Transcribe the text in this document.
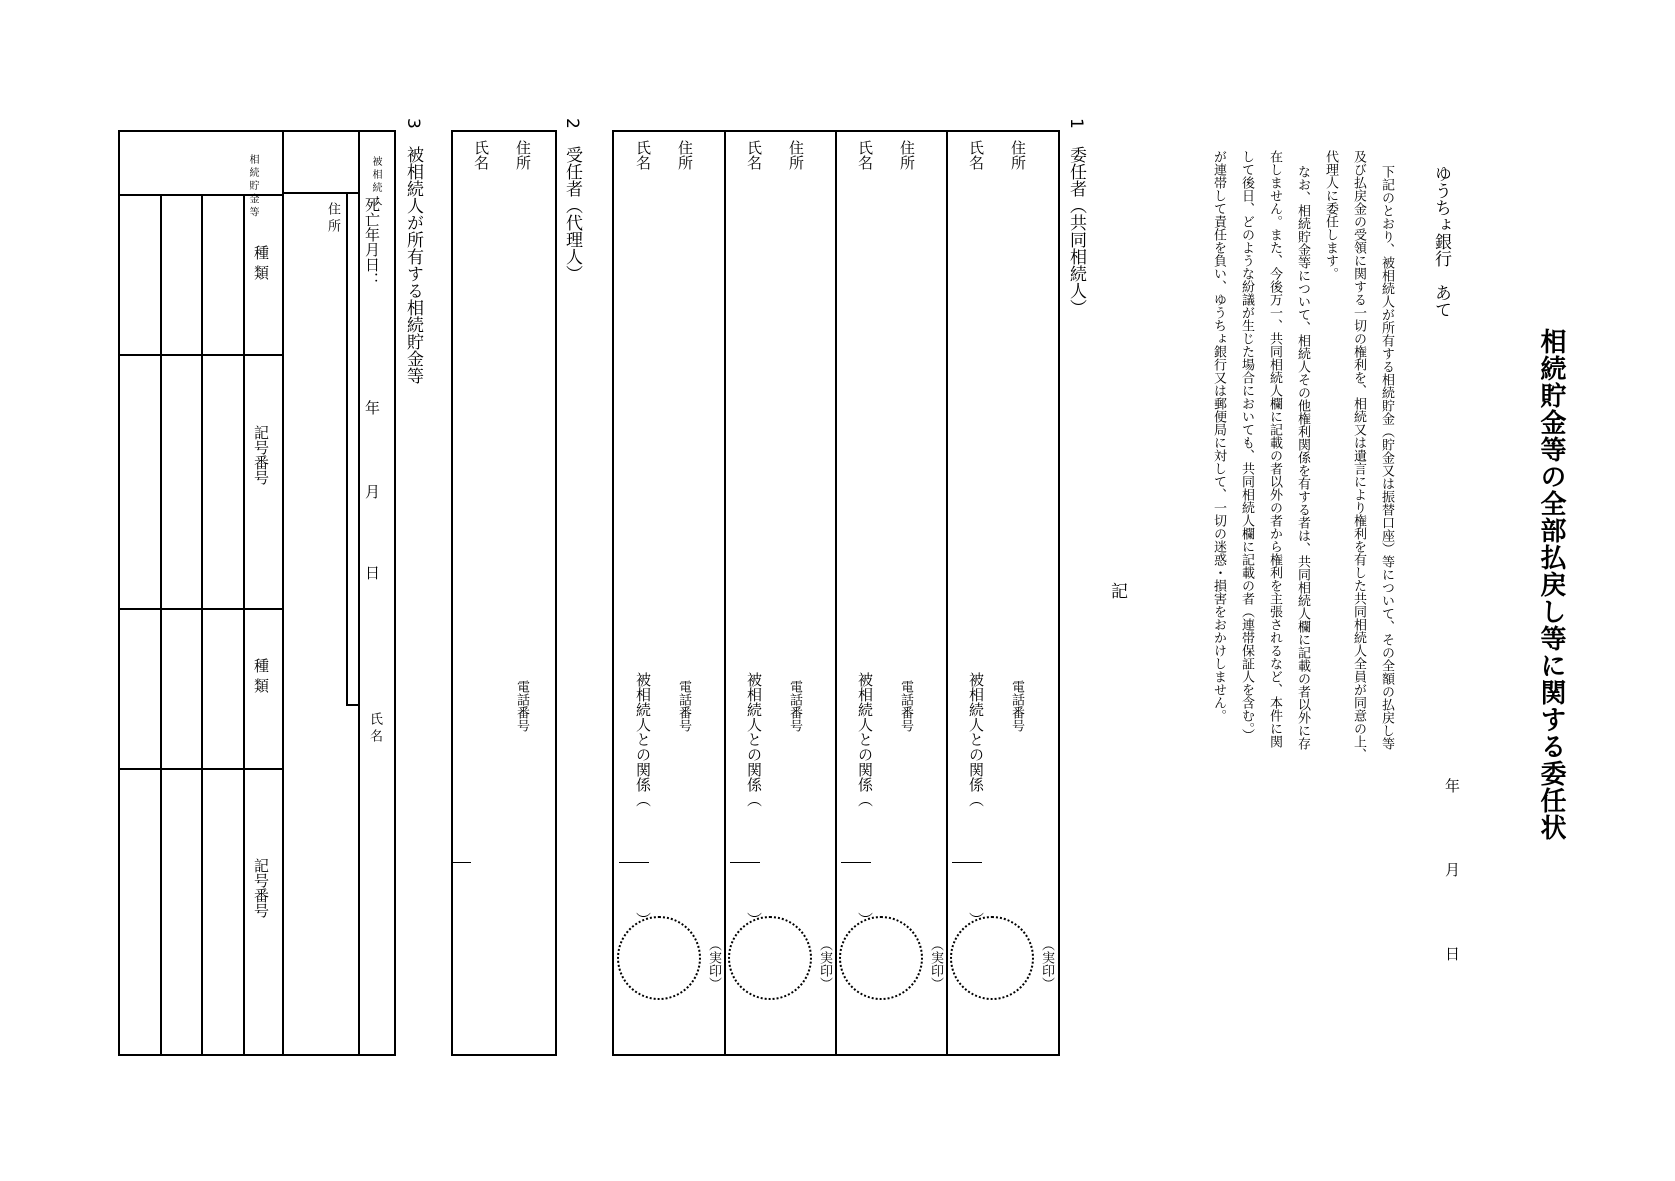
相続貯金等の全部払戻し等に関する委任状
年
月
日
ゆうちょ銀行　あて
下記のとおり、被相続人が所有する相続貯金（貯金又は振替口座）等について、その全額の払戻し等
及び払戻金の受領に関する一切の権利を、相続又は遺言により権利を有した共同相続人全員が同意の上、
代理人に委任します。
なお、相続貯金等について、相続人その他権利関係を有する者は、共同相続人欄に記載の者以外に存
在しません。また、今後万一、共同相続人欄に記載の者以外の者から権利を主張されるなど、本件に関
して後日、どのような紛議が生じた場合においても、共同相続人欄に記載の者（連帯保証人を含む。）
が連帯して責任を負い、ゆうちょ銀行又は郵便局に対して、一切の迷惑・損害をおかけしません。
記
1　委任者（共同相続人）
住所
氏名
電話番号
被相続人との関係（　　　　　　　）
（実印）
住所
氏名
電話番号
被相続人との関係（　　　　　　　）
（実印）
住所
氏名
電話番号
被相続人との関係（　　　　　　　）
（実印）
住所
氏名
電話番号
被相続人との関係（　　　　　　　）
（実印）
2　受任者（代理人）
住所
氏名
電話番号
3　被相続人が所有する相続貯金等
被 相 続 人
死亡年月日：
年
月
日
氏 名
住 所
相 続 貯 金 等
種 類
記号番号
種 類
記号番号
